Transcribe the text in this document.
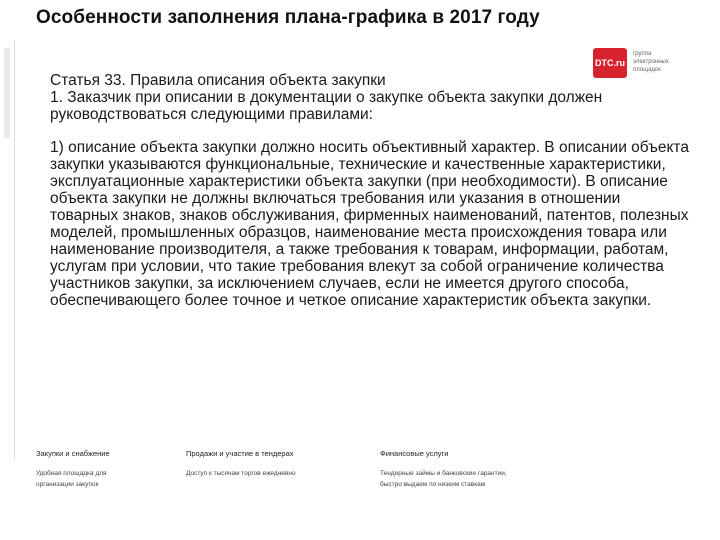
Особенности заполнения плана-графика в 2017 году
DTC.ru
группа
электронных
площадок

Статья 33. Правила описания объекта закупки

1. Заказчик при описании в документации о закупке объекта закупки должен руководствоваться следующими правилами:

1) описание объекта закупки должно носить объективный характер. В описании объекта закупки указываются функциональные, технические и качественные характеристики, эксплуатационные характеристики объекта закупки (при необходимости). В описание объекта закупки не должны включаться требования или указания в отношении товарных знаков, знаков обслуживания, фирменных наименований, патентов, полезных моделей, промышленных образцов, наименование места происхождения товара или наименование производителя, а также требования к товарам, информации, работам, услугам при условии, что такие требования влекут за собой ограничение количества участников закупки, за исключением случаев, если не имеется другого способа, обеспечивающего более точное и четкое описание характеристик объекта закупки.

Закупки и снабжение
Удобная площадка для
организации закупок
Продажи и участие в тендерах
Доступ к тысячам торгов ежедневно
Финансовые услуги
Тендерные займы и банковские гарантии,
быстро выдаем по низким ставкам
